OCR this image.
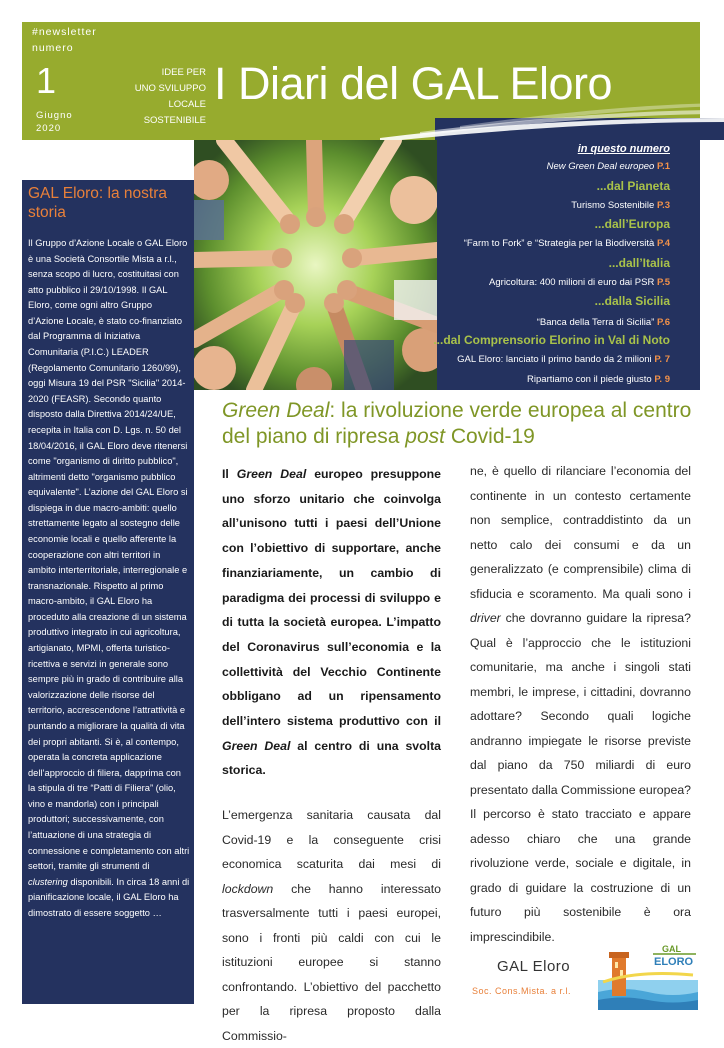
#newsletter
numero
1
Giugno
2020
IDEE PER
UNO SVILUPPO LOCALE
SOSTENIBILE
I Diari del GAL Eloro
GAL Eloro: la nostra storia
Il Gruppo d’Azione Locale o GAL Eloro è una Società Consortile Mista a r.l., senza scopo di lucro, costituitasi con atto pubblico il 29/10/1998. Il GAL Eloro, come ogni altro Gruppo d’Azione Locale, è stato co-finanziato dal Programma di Iniziativa Comunitaria (P.I.C.) LEADER (Regolamento Comunitario 1260/99), oggi Misura 19 del PSR "Sicilia" 2014-2020 (FEASR). Secondo quanto disposto dalla Direttiva 2014/24/UE, recepita in Italia con D. Lgs. n. 50 del 18/04/2016, il GAL Eloro deve ritenersi come "organismo di diritto pubblico", altrimenti detto "organismo pubblico equivalente". L’azione del GAL Eloro si dispiega in due macro-ambiti: quello strettamente legato al sostegno delle economie locali e quello afferente la cooperazione con altri territori in ambito interterritoriale, interregionale e transnazionale. Rispetto al primo macro-ambito, il GAL Eloro ha proceduto alla creazione di un sistema produttivo integrato in cui agricoltura, artigianato, MPMI, offerta turistico-ricettiva e servizi in generale sono sempre più in grado di contribuire alla valorizzazione delle risorse del territorio, accrescendone l’attrattività e puntando a migliorare la qualità di vita dei propri abitanti. Si è, al contempo, operata la concreta applicazione dell’approccio di filiera, dapprima con la stipula di tre “Patti di Filiera” (olio, vino e mandorla) con i principali produttori; successivamente, con l’attuazione di una strategia di connessione e completamento con altri settori, tramite gli strumenti di clustering disponibili. In circa 18 anni di pianificazione locale, il GAL Eloro ha dimostrato di essere soggetto …
in questo numero
New Green Deal europeo P.1
...dal Pianeta
Turismo Sostenibile P.3
...dall’Europa
“Farm to Fork” e “Strategia per la Biodiversità P.4
...dall’Italia
Agricoltura: 400 milioni di euro dai PSR P.5
...dalla Sicilia
“Banca della Terra di Sicilia” P.6
...dal Comprensorio Elorino in Val di Noto
GAL Eloro: lanciato il primo bando da 2 milioni P. 7
Ripartiamo con il piede giusto P. 9
Green Deal: la rivoluzione verde europea al centro del piano di ripresa post Covid-19
Il Green Deal europeo presuppone uno sforzo unitario che coinvolga all’unisono tutti i paesi dell’Unione con l’obiettivo di supportare, anche finanziariamente, un cambio di paradigma dei processi di sviluppo e di tutta la società europea. L’impatto del Coronavirus sull’economia e la collettività del Vecchio Continente obbligano ad un ripensamento dell’intero sistema produttivo con il Green Deal al centro di una svolta storica.
L’emergenza sanitaria causata dal Covid-19 e la conseguente crisi economica scaturita dai mesi di lockdown che hanno interessato trasversalmente tutti i paesi europei, sono i fronti più caldi con cui le istituzioni europee si stanno confrontando. L’obiettivo del pacchetto per la ripresa proposto dalla Commissio-
ne, è quello di rilanciare l’economia del continente in un contesto certamente non semplice, contraddistinto da un netto calo dei consumi e da un generalizzato (e comprensibile) clima di sfiducia e scoramento. Ma quali sono i driver che dovranno guidare la ripresa? Qual è l’approccio che le istituzioni comunitarie, ma anche i singoli stati membri, le imprese, i cittadini, dovranno adottare? Secondo quali logiche andranno impiegate le risorse previste dal piano da 750 miliardi di euro presentato dalla Commissione europea? Il percorso è stato tracciato e appare adesso chiaro che una grande rivoluzione verde, sociale e digitale, in grado di guidare la costruzione di un futuro più sostenibile è ora imprescindibile.
GAL Eloro
Soc. Cons.Mista. a r.l.
GAL
ELORO
